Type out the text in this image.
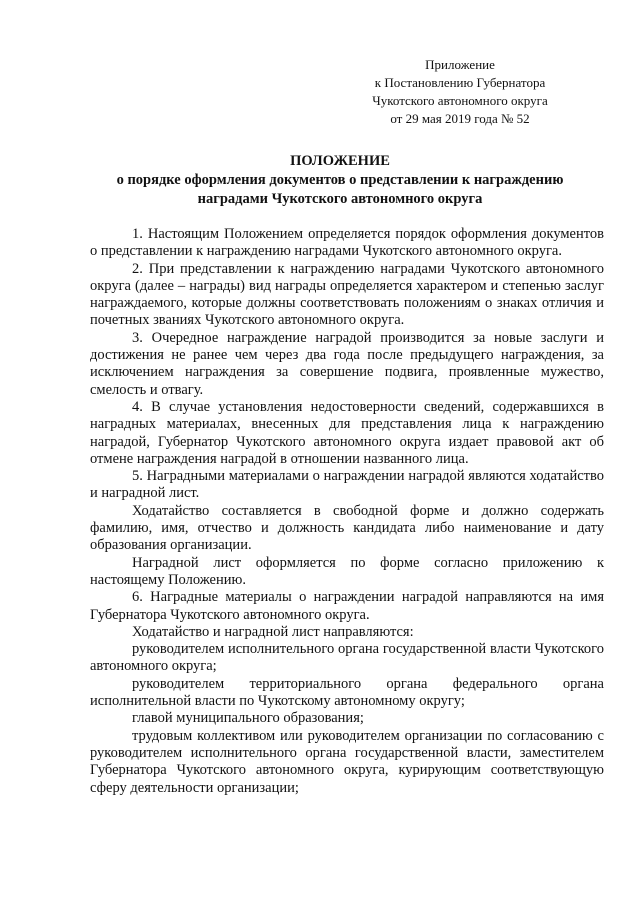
Приложение
к Постановлению Губернатора
Чукотского автономного округа
от 29 мая 2019 года № 52
ПОЛОЖЕНИЕ
о порядке оформления документов о представлении к награждению
наградами Чукотского автономного округа

1. Настоящим Положением определяется порядок оформления документов о представлении к награждению наградами Чукотского автономного округа.

2. При представлении к награждению наградами Чукотского автономного округа (далее – награды) вид награды определяется характером и степенью заслуг награждаемого, которые должны соответствовать положениям о знаках отличия и почетных званиях Чукотского автономного округа.

3. Очередное награждение наградой производится за новые заслуги и достижения не ранее чем через два года после предыдущего награждения, за исключением награждения за совершение подвига, проявленные мужество, смелость и отвагу.

4. В случае установления недостоверности сведений, содержавшихся в наградных материалах, внесенных для представления лица к награждению наградой, Губернатор Чукотского автономного округа издает правовой акт об отмене награждения наградой в отношении названного лица.

5. Наградными материалами о награждении наградой являются ходатайство и наградной лист.

Ходатайство составляется в свободной форме и должно содержать фамилию, имя, отчество и должность кандидата либо наименование и дату образования организации.

Наградной лист оформляется по форме согласно приложению к настоящему Положению.

6. Наградные материалы о награждении наградой направляются на имя Губернатора Чукотского автономного округа.

Ходатайство и наградной лист направляются:

руководителем исполнительного органа государственной власти Чукотского автономного округа;

руководителем территориального органа федерального органа исполнительной власти по Чукотскому автономному округу;

главой муниципального образования;

трудовым коллективом или руководителем организации по согласованию с руководителем исполнительного органа государственной власти, заместителем Губернатора Чукотского автономного округа, курирующим соответствующую сферу деятельности организации;
